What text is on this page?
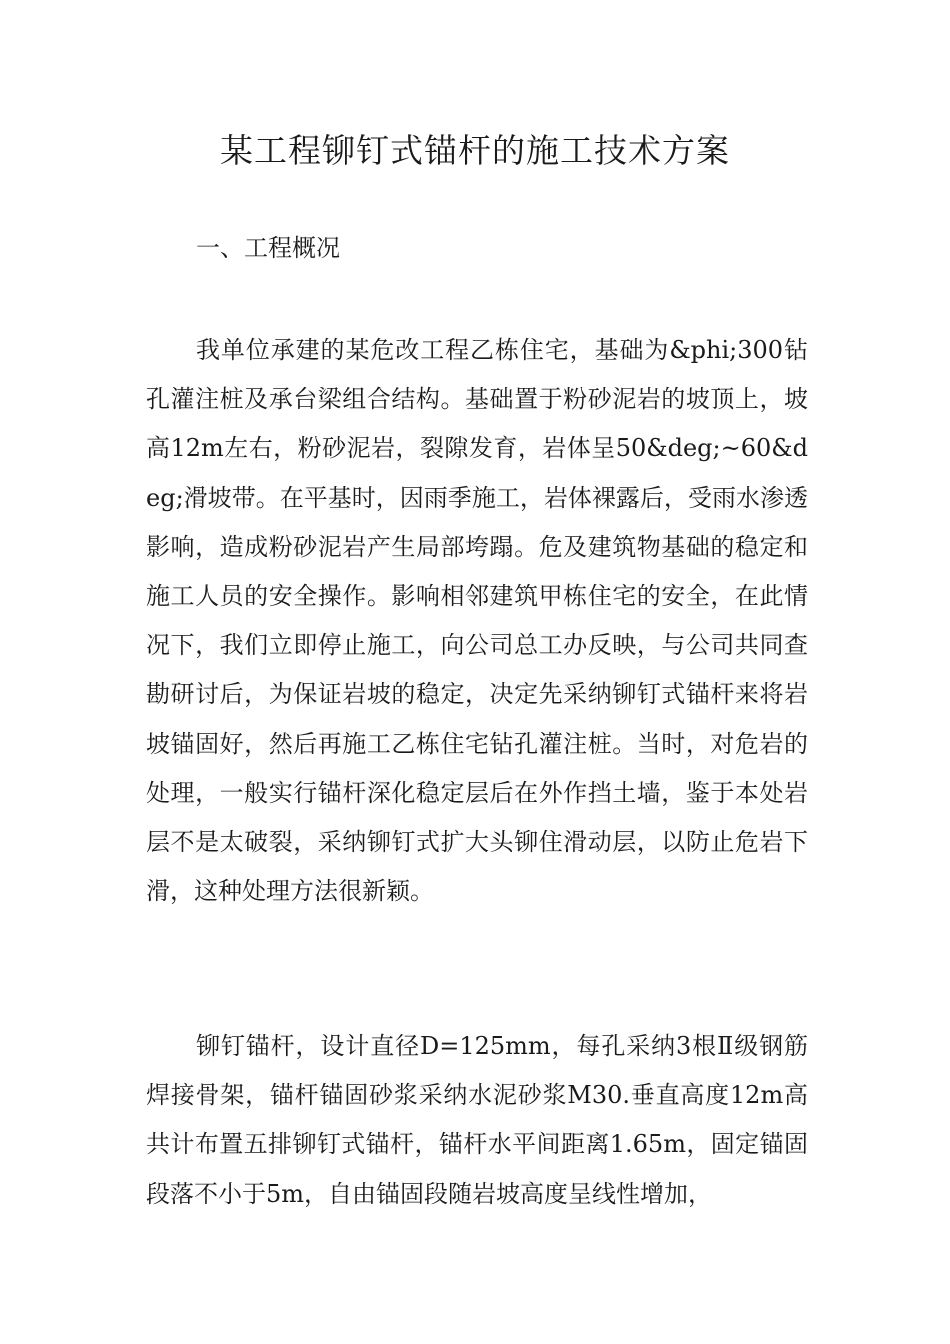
某工程铆钉式锚杆的施工技术方案
一、工程概况

我单位承建的某危改工程乙栋住宅，基础为&phi;300钻孔灌注桩及承台梁组合结构。基础置于粉砂泥岩的坡顶上，坡高12m左右，粉砂泥岩，裂隙发育，岩体呈50&deg;~60&deg;滑坡带。在平基时，因雨季施工，岩体裸露后，受雨水渗透影响，造成粉砂泥岩产生局部垮蹋。危及建筑物基础的稳定和施工人员的安全操作。影响相邻建筑甲栋住宅的安全，在此情况下，我们立即停止施工，向公司总工办反映，与公司共同查勘研讨后，为保证岩坡的稳定，决定先采纳铆钉式锚杆来将岩坡锚固好，然后再施工乙栋住宅钻孔灌注桩。当时，对危岩的处理，一般实行锚杆深化稳定层后在外作挡土墙，鉴于本处岩层不是太破裂，采纳铆钉式扩大头铆住滑动层，以防止危岩下滑，这种处理方法很新颖。

铆钉锚杆，设计直径D=125mm，每孔采纳3根Ⅱ级钢筋焊接骨架，锚杆锚固砂浆采纳水泥砂浆M30.垂直高度12m高共计布置五排铆钉式锚杆，锚杆水平间距离1.65m，固定锚固段落不小于5m，自由锚固段随岩坡高度呈线性增加，
